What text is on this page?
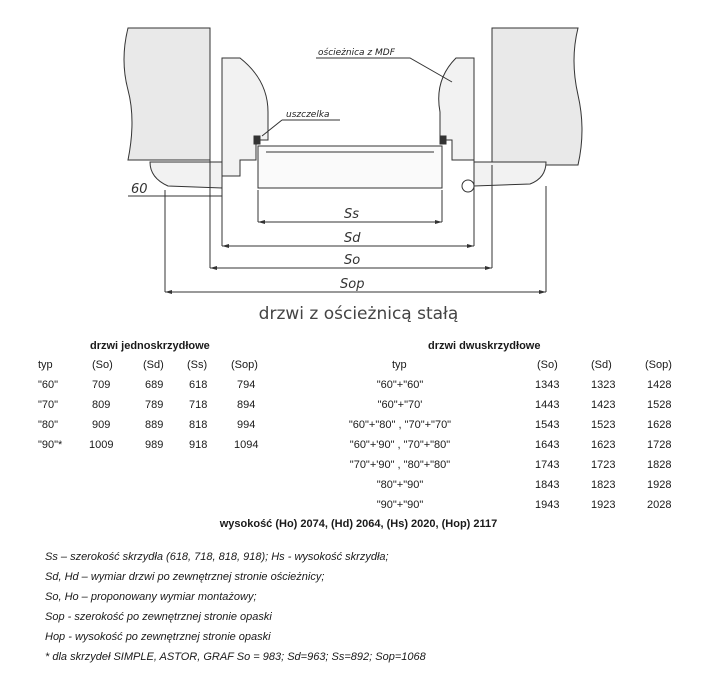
60
Ss
Sd
So
Sop
ościeżnica z MDF
uszczelka
drzwi z ościeżnicą stałą
drzwi jednoskrzydłowe
typ	(So)	(Sd) (Ss) (Sop)
"60"	709	689 618	794
"70"	809	789 718	894
"80"	909	889 818	994
"90"* 1009	989 918 1094
drzwi dwuskrzydłowe
typ	(So)	(Sd)	(Sop)
"60"+"60"	1343	1323	1428
"60"+"70'	1443	1423	1528
"60"+"80" , "70"+"70"	1543	1523	1628
"60"+'90" , "70"+"80"	1643	1623	1728
"70"+'90" , "80"+"80"	1743	1723	1828
"80"+"90"	1843	1823	1928
"90"+"90"	1943	1923	2028
wysokość (Ho) 2074, (Hd) 2064, (Hs) 2020, (Hop) 2117
Ss – szerokość skrzydła (618, 718, 818, 918); Hs - wysokość skrzydła;
Sd, Hd – wymiar drzwi po zewnętrznej stronie ościeżnicy;
So, Ho – proponowany wymiar montażowy;
Sop - szerokość po zewnętrznej stronie opaski
Hop - wysokość po zewnętrznej stronie opaski
* dla skrzydeł SIMPLE, ASTOR, GRAF So = 983; Sd=963; Ss=892; Sop=1068
